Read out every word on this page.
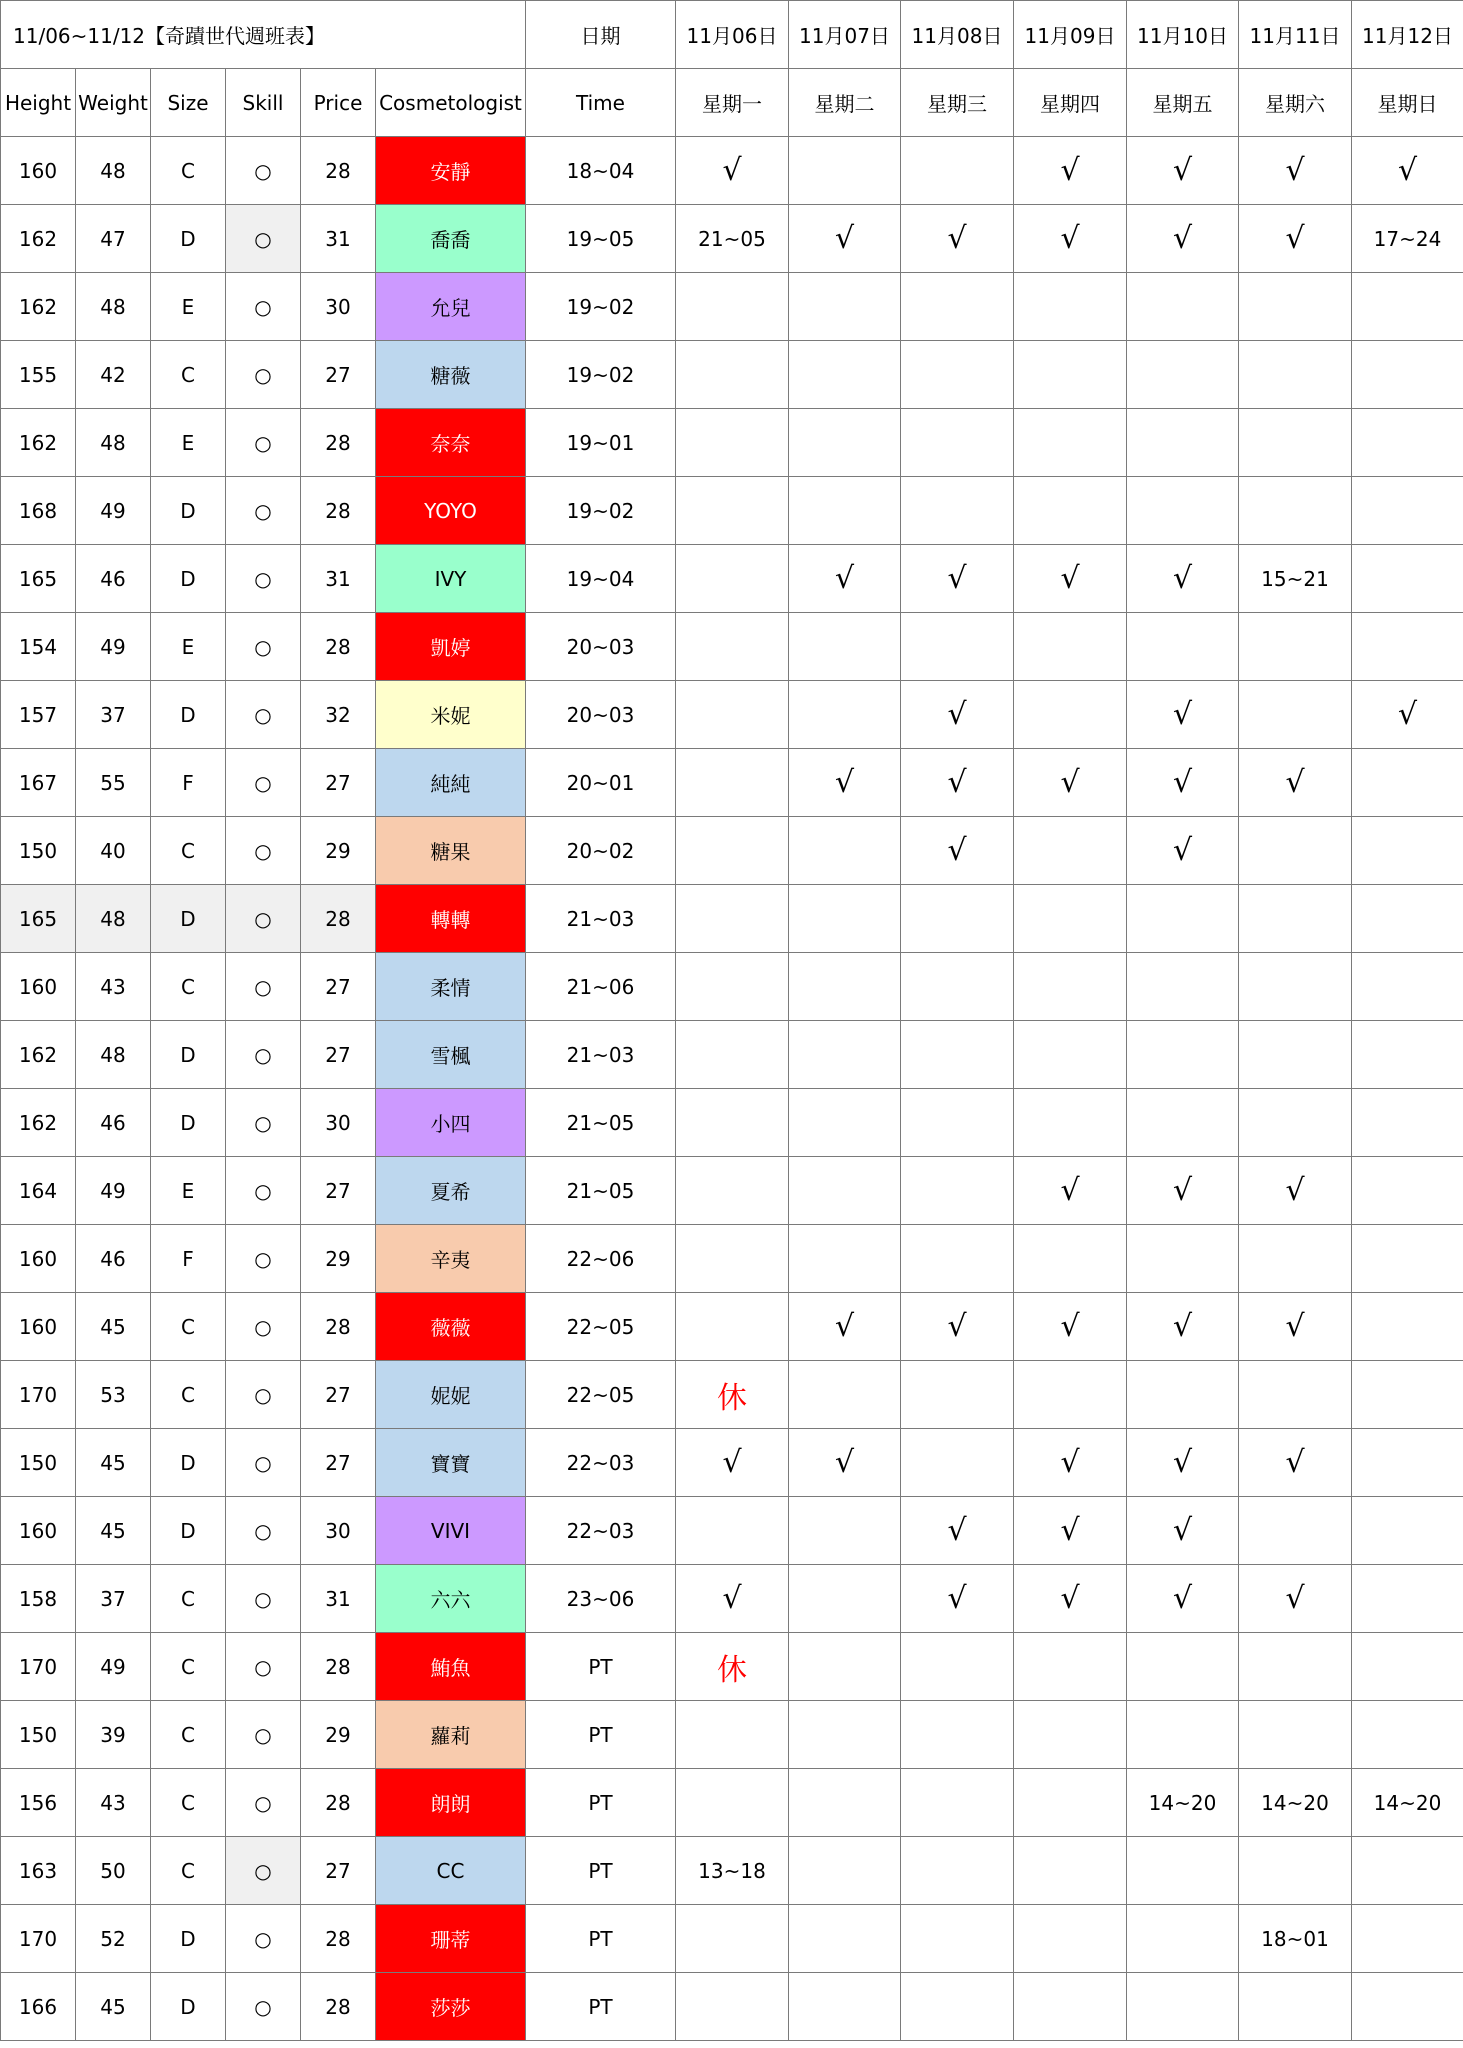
11/06~11/12【奇蹟世代週班表】						日期	11月06日	11月07日	11月08日	11月09日	11月10日	11月11日	11月12日
Height	Weight	Size	Skill	Price	Cosmetologist	Time	星期一	星期二	星期三	星期四	星期五	星期六	星期日
160	48	C	○	28	安靜	18~04	√			√	√	√	√
162	47	D	○	31	喬喬	19~05	21~05	√	√	√	√	√	17~24
162	48	E	○	30	允兒	19~02							
155	42	C	○	27	糖薇	19~02							
162	48	E	○	28	奈奈	19~01							
168	49	D	○	28	YOYO	19~02							
165	46	D	○	31	IVY	19~04		√	√	√	√	15~21	
154	49	E	○	28	凱婷	20~03							
157	37	D	○	32	米妮	20~03			√		√		√
167	55	F	○	27	純純	20~01		√	√	√	√	√	
150	40	C	○	29	糖果	20~02			√		√		
165	48	D	○	28	轉轉	21~03							
160	43	C	○	27	柔情	21~06							
162	48	D	○	27	雪楓	21~03							
162	46	D	○	30	小四	21~05							
164	49	E	○	27	夏希	21~05				√	√	√	
160	46	F	○	29	辛夷	22~06							
160	45	C	○	28	薇薇	22~05		√	√	√	√	√	
170	53	C	○	27	妮妮	22~05	休						
150	45	D	○	27	寶寶	22~03	√	√		√	√	√	
160	45	D	○	30	VIVI	22~03			√	√	√		
158	37	C	○	31	六六	23~06	√		√	√	√	√	
170	49	C	○	28	鮪魚	PT	休						
150	39	C	○	29	蘿莉	PT							
156	43	C	○	28	朗朗	PT					14~20	14~20	14~20
163	50	C	○	27	CC	PT	13~18						
170	52	D	○	28	珊蒂	PT						18~01	
166	45	D	○	28	莎莎	PT							
